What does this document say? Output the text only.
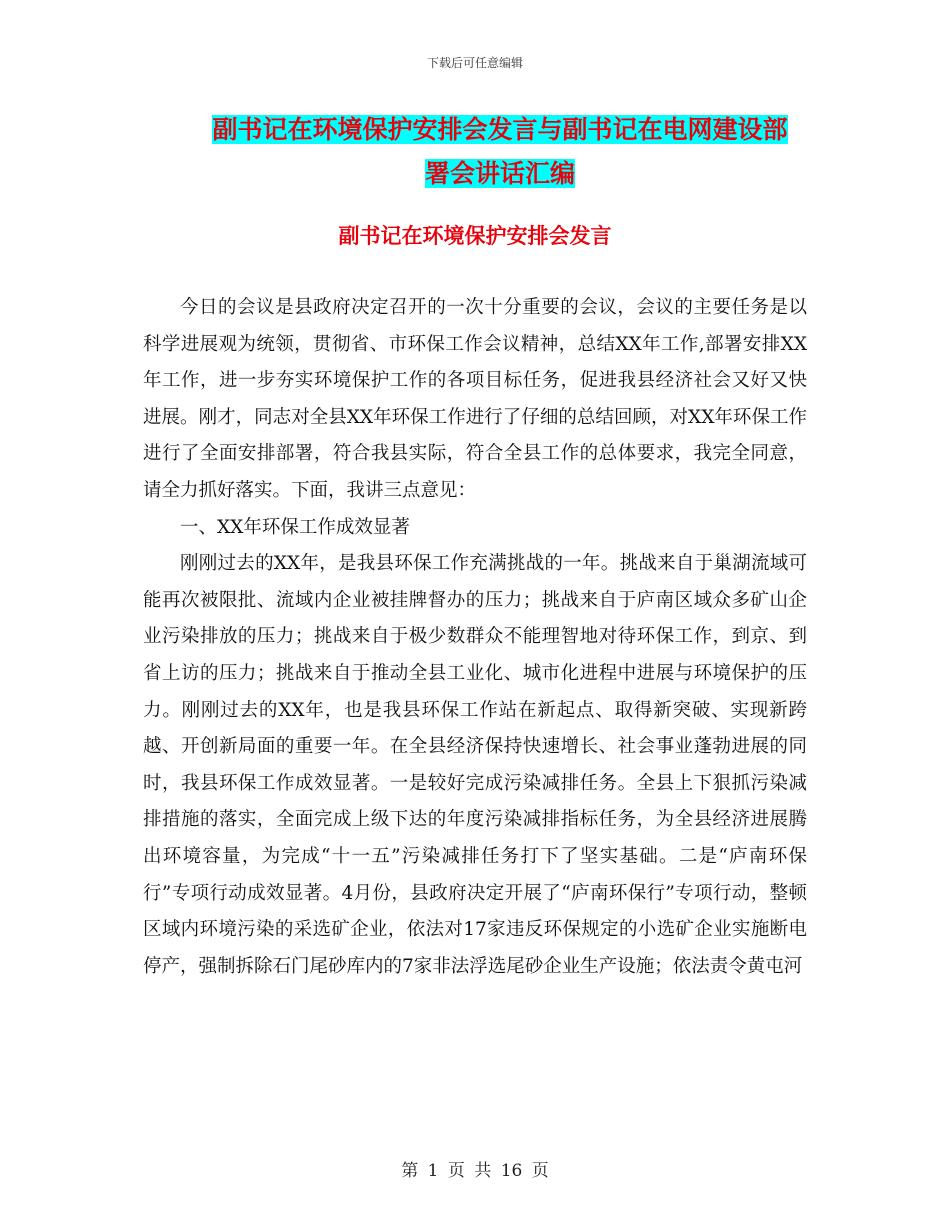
下载后可任意编辑
副书记在环境保护安排会发言与副书记在电网建设部
署会讲话汇编
副书记在环境保护安排会发言

今日的会议是县政府决定召开的一次十分重要的会议，会议的主要任务是以科学进展观为统领，贯彻省、市环保工作会议精神，总结XX年工作,部署安排XX年工作，进一步夯实环境保护工作的各项目标任务，促进我县经济社会又好又快进展。刚才，同志对全县XX年环保工作进行了仔细的总结回顾，对XX年环保工作进行了全面安排部署，符合我县实际，符合全县工作的总体要求，我完全同意，请全力抓好落实。下面，我讲三点意见：

一、XX年环保工作成效显著

刚刚过去的XX年，是我县环保工作充满挑战的一年。挑战来自于巢湖流域可能再次被限批、流域内企业被挂牌督办的压力；挑战来自于庐南区域众多矿山企业污染排放的压力；挑战来自于极少数群众不能理智地对待环保工作，到京、到省上访的压力；挑战来自于推动全县工业化、城市化进程中进展与环境保护的压力。刚刚过去的XX年，也是我县环保工作站在新起点、取得新突破、实现新跨越、开创新局面的重要一年。在全县经济保持快速增长、社会事业蓬勃进展的同时，我县环保工作成效显著。一是较好完成污染减排任务。全县上下狠抓污染减排措施的落实，全面完成上级下达的年度污染减排指标任务，为全县经济进展腾出环境容量，为完成“十一五”污染减排任务打下了坚实基础。二是“庐南环保行”专项行动成效显著。4月份，县政府决定开展了“庐南环保行”专项行动，整顿区域内环境污染的采选矿企业，依法对17家违反环保规定的小选矿企业实施断电停产，强制拆除石门尾砂库内的7家非法浮选尾砂企业生产设施；依法责令黄屯河

第 1 页 共 16 页
